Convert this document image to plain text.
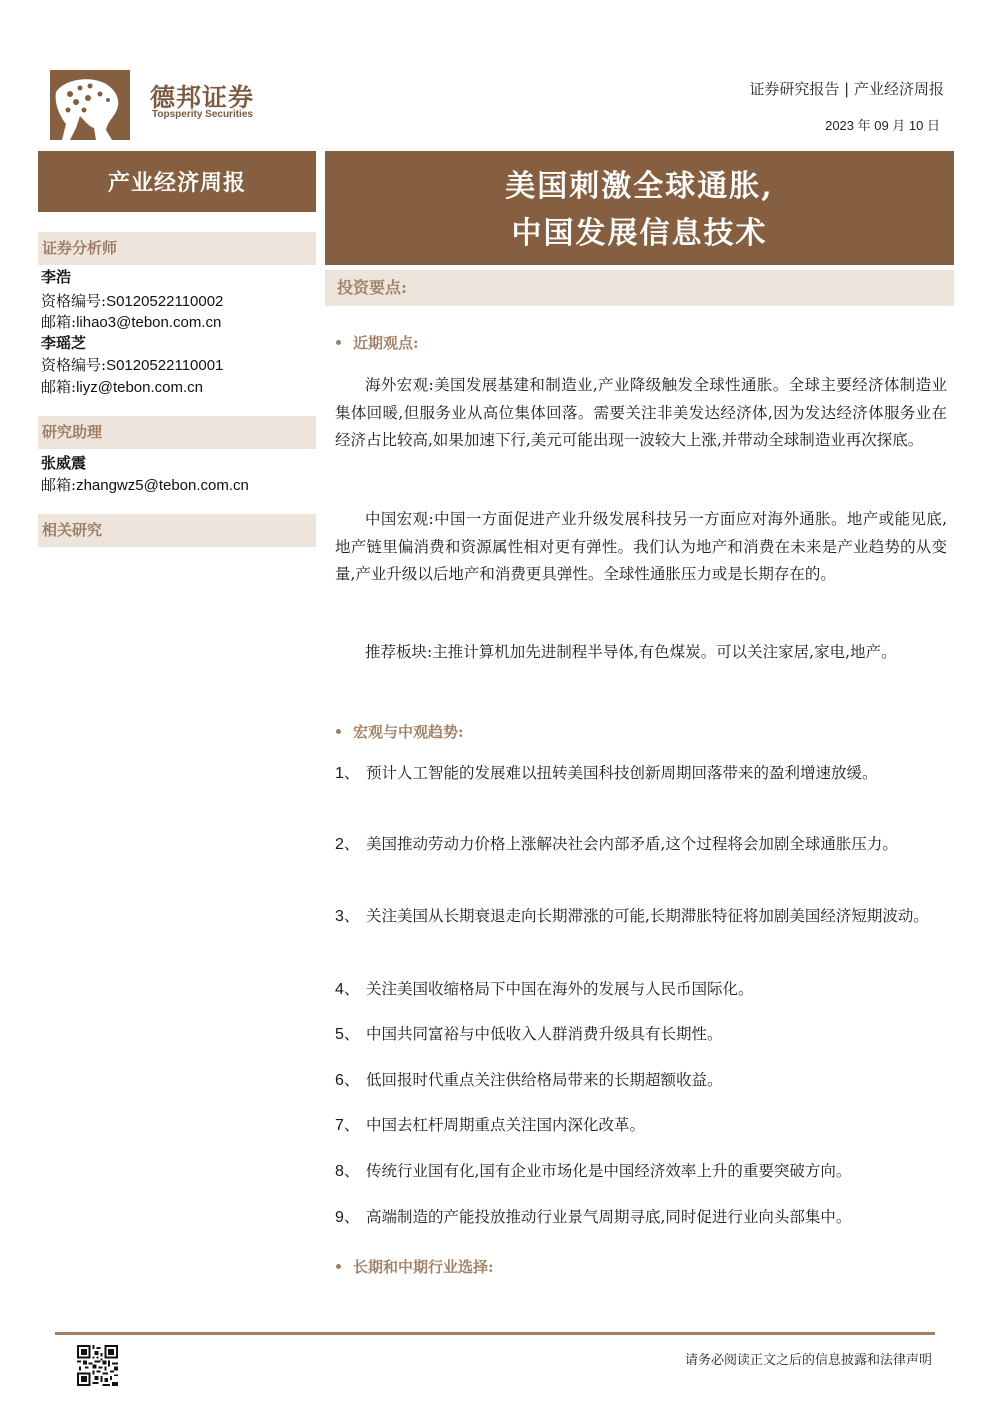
德邦证券
Topsperity Securities
证券研究报告 | 产业经济周报
2023 年 09 月 10 日
产业经济周报	美国刺激全球通胀,
中国发展信息技术
证券分析师
李浩
资格编号:S0120522110002
邮箱:lihao3@tebon.com.cn
李瑶芝
资格编号:S0120522110001
邮箱:liyz@tebon.com.cn
研究助理
张威震
邮箱:zhangwz5@tebon.com.cn
相关研究
投资要点:
近期观点:
海外宏观:美国发展基建和制造业,产业降级触发全球性通胀。全球主要经济体制造业集体回暖,但服务业从高位集体回落。需要关注非美发达经济体,因为发达经济体服务业在经济占比较高,如果加速下行,美元可能出现一波较大上涨,并带动全球制造业再次探底。
中国宏观:中国一方面促进产业升级发展科技另一方面应对海外通胀。地产或能见底,地产链里偏消费和资源属性相对更有弹性。我们认为地产和消费在未来是产业趋势的从变量,产业升级以后地产和消费更具弹性。全球性通胀压力或是长期存在的。
推荐板块:主推计算机加先进制程半导体,有色煤炭。可以关注家居,家电,地产。
宏观与中观趋势:
1、 预计人工智能的发展难以扭转美国科技创新周期回落带来的盈利增速放缓。
2、 美国推动劳动力价格上涨解决社会内部矛盾,这个过程将会加剧全球通胀压力。
3、 关注美国从长期衰退走向长期滞涨的可能,长期滞胀特征将加剧美国经济短期波动。
4、 关注美国收缩格局下中国在海外的发展与人民币国际化。
5、 中国共同富裕与中低收入人群消费升级具有长期性。
6、 低回报时代重点关注供给格局带来的长期超额收益。
7、 中国去杠杆周期重点关注国内深化改革。
8、 传统行业国有化,国有企业市场化是中国经济效率上升的重要突破方向。
9、 高端制造的产能投放推动行业景气周期寻底,同时促进行业向头部集中。
长期和中期行业选择:
请务必阅读正文之后的信息披露和法律声明
